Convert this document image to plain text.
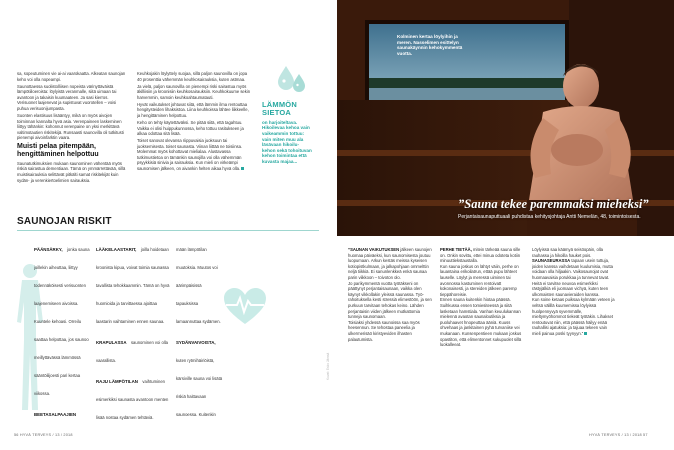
sa, sopeutuminen vie ai-ai vaarokaatta. Alkeatan saunojan keho voi olla nopeampi.

Saunottaessa suolistolliisen nopeista värinyttäväistä lämpötiiloeroista: löylyistä veranmalle, siitä uimaan tai avantoon ja takaisin kuumaateen. Ja sasi kierros. Verisuonet laajenevat ja supistuvat vuorotellen – voisi puhua verisuonijumpasta.

Suonten elastisuus lisääntyy, mikä on myös aivojen toiminnan kannalta hyvä asia. Verenpaineen laskeminen liittyy tähänkin: kohonnut verenpaine on yksi merkittävä valtimotautien riskitekijä. Runsaasti saunovilla oli tutkitusti pienempi aivoinfarktin vaara.

Muisti pelaa pitempään, hengittäminen helpottuu

Saunatutkimuksien mukaan saunominen vähentää myös riskiä sairastua dementiaan. Tämä on ymmärrettävää, sillä muistisairauksia selittävät pitkälti samat riskitekijät kuin sydän- ja verenkiertoelimien sairauksia.

Keuhkojakin löylyttely suojaa, sillä paljon saunovilla on jopa 40 prosenttia vähemmän keuhkosairauksia, kuten astmaa.

Ja vielä, paljon saunovilla on pienempi riski sairastua myös äkilliisiin ja kroonisiin keuhkosairauksiin. Keuhkokuume sekin harvemmin, samoin keuhkoahtaumatauti.

Hyvät vaikutukset johtuvat siitä, että lämmin ilma rentouttaa hengitysteiden lihaksistoa. Liina keuhkoissa lähtee liikkeelle, ja hengittäminen helpottuu.

Keho on tehty käytettäväksi. Se pitää siitä, että tagahtuu. Vaikka ei olisi huippukunnossa, keho tottuu rasitukseen ja alkaa odottaa sitä lisää.

Toiset sanovat olevansa riippuvaisia juoksuun tai juoksemisesta. toiset saunasta. Viinan liittää ne toisiinsa. Molemmat myös kohottavat mielialaa. Alustavassa tutkimustietoa on tämänkin saunojilla voi olla vähemmän psyykkisiä sinivia ja sairauksia. Kun mieli on virkeämpi saunomisen jälkeen, on aivankin helten aikaa hyvä olla.

LÄMMÖN SIETOA
on harjoiteltava. Hikoilevaa kehoa vain vaikeammin tottuu: vain miten muu ala läsävaan hikoilu-kehon sekä tohoituvan kehon toimintaa että kuvasta majaa...
SAUNOJAN RISKIT
PÄÄNSÄRKY, jonka sauna joillekin aiheuttaa, liittyy todennäköisesti verisuonten laajenemiseen aivoissa. Kuuntele kehoasi. Orreilu saattaa helpottaa, jos saunoo meillyttävässä lämmössä sääntöilijoesti pari kertaa viikossa.
BEETASALPAAJIEN
LÄÄKELAASTARIT, joilla hoidetaan kroonista kipua, voivat toimia saunassa tavallista tehokkaammin. Tämä on hyvä huomioida ja tarvittaessa ajoittaa laastarin vaihtaminen ennen saunaa.
KRAPULASSA saunominen voi olla vaarallista.
RAJU LÄMPÖTILAN vaihtuminen esimerkiksi saunasta avantoon menten lisää nostaa sydämen tehtäviä.
mään lämpötilan muutoksia. Muutos voi äärimpäisissä tapauksissa lamaannuttaa sydämen.
SYDÄNVAIVOISTA, kuten rytmihäiriöistä, kärsiville sauna voi lisätä riskiä haittavaan saunoessa. Kuitenkin
56 HYVÄ TERVEYS / 13 / 2018
Kolminen kertaa löylyihin ja meren. Nasselimen esittelyn saunakäynnin kehokymmentä vuotta.
Kuvat: Esko Jämsä
”Sauna tekee paremmaksi mieheksi”
Perjantaisaunaputtuaali puhdistaa kehitysjohtaja Antti Nemelän, 48, toimintoisesta.

”SAUNAN VAIKUTUKSEN jälkeen saunojen huomaa päiväeksi, kun saunomisesta joutuu luopumaan. Arkun kestäs meissa kyseisen kotiopistkulmaan, ja jalkapohjaan ommelttin neljä tiikkiä. Ei sanunlenkkeä enkä saunaa parin viikkoon – toivoton olo.

Jo parikymmentä vuotta työtäkseni on päättynyt perjantaisaunaan, vaikka olen käynyt vikkollakin yleissä saunassa. Työ-rahoituksella kesti stressiä elimestöön, ja sen purkuun tarvitaan tehokas keino. Lähden perjantaisin viiden jälkeen mutkattomia tunneja saunomaan.

Toisiaksi yhdessä saunoissa saa myös heesennun. Se tehostaa paneelia ja ulkermerisäö kiristyeviden ilhasten palautumista.

PERHE TIETÄÄ, mitein tärkeää sauna sille on. Onkin sovittu, ettei minua odoteta kotiin minuuttiekstaustalla.

Kun sauna joskus on lähtyt väiin, perhe on lauantaina erikoilatrun, ettää pupu lähteet lauselle. Löylyt ja meressä uiminen tai avonnossa kastuminen rentoivatt kokonaisesti, ja stereiden jälkeen paremp tieppähoreisie.

Ennen sauna kuitenkin hiotaa päässä. Suihkussa ensen tomiesiteessä ja siitä lasketaan hamstiala. Vanhan keuulukannan mielennä avaotan saunaloutiksia ja puoluhaavet hnopeuttaa ääniä. Kuuss ohvehaas ja jankitainen pyhä turvaniise vei mukanaan. Kunsenpentieen mukaan joskus opastiton, että elimentonnet sukupuolet sillä luokalleeat.

Löylyissä saa käämyä seisöopäin, olla rauhassa ja hikoilla hauket pois.

SAUNASEURASSA tapaan usein tuttuja, joiden kanssa vaihdetaan kuulumisia, mutta voidaan olla hiljaakin. Vaikosaunojat ovat huomaavaisia porukkaa ja tunnevat tavat. Heitä ei tarvitse neuvoa esimerkiksi rästyjälkiä eli juomaan vichyä, kuten teen ulkomaisten saunavieraiden kanssa.

Kun soine ketaas puiksaa kylmään veteen ja veltsä välillä kuumemissa löylyissä huolpennyvyä syvemmälle, mieltymyöhommot tiekeät työtäkin. Lihakset rentoutuvat niin, että päässä häilyy enää rauhallisi ajatuksia: ja tajuaa tekeen vain mieli painua poski tyynyyn.”

HYVÄ TERVEYS / 13 / 2018 57
